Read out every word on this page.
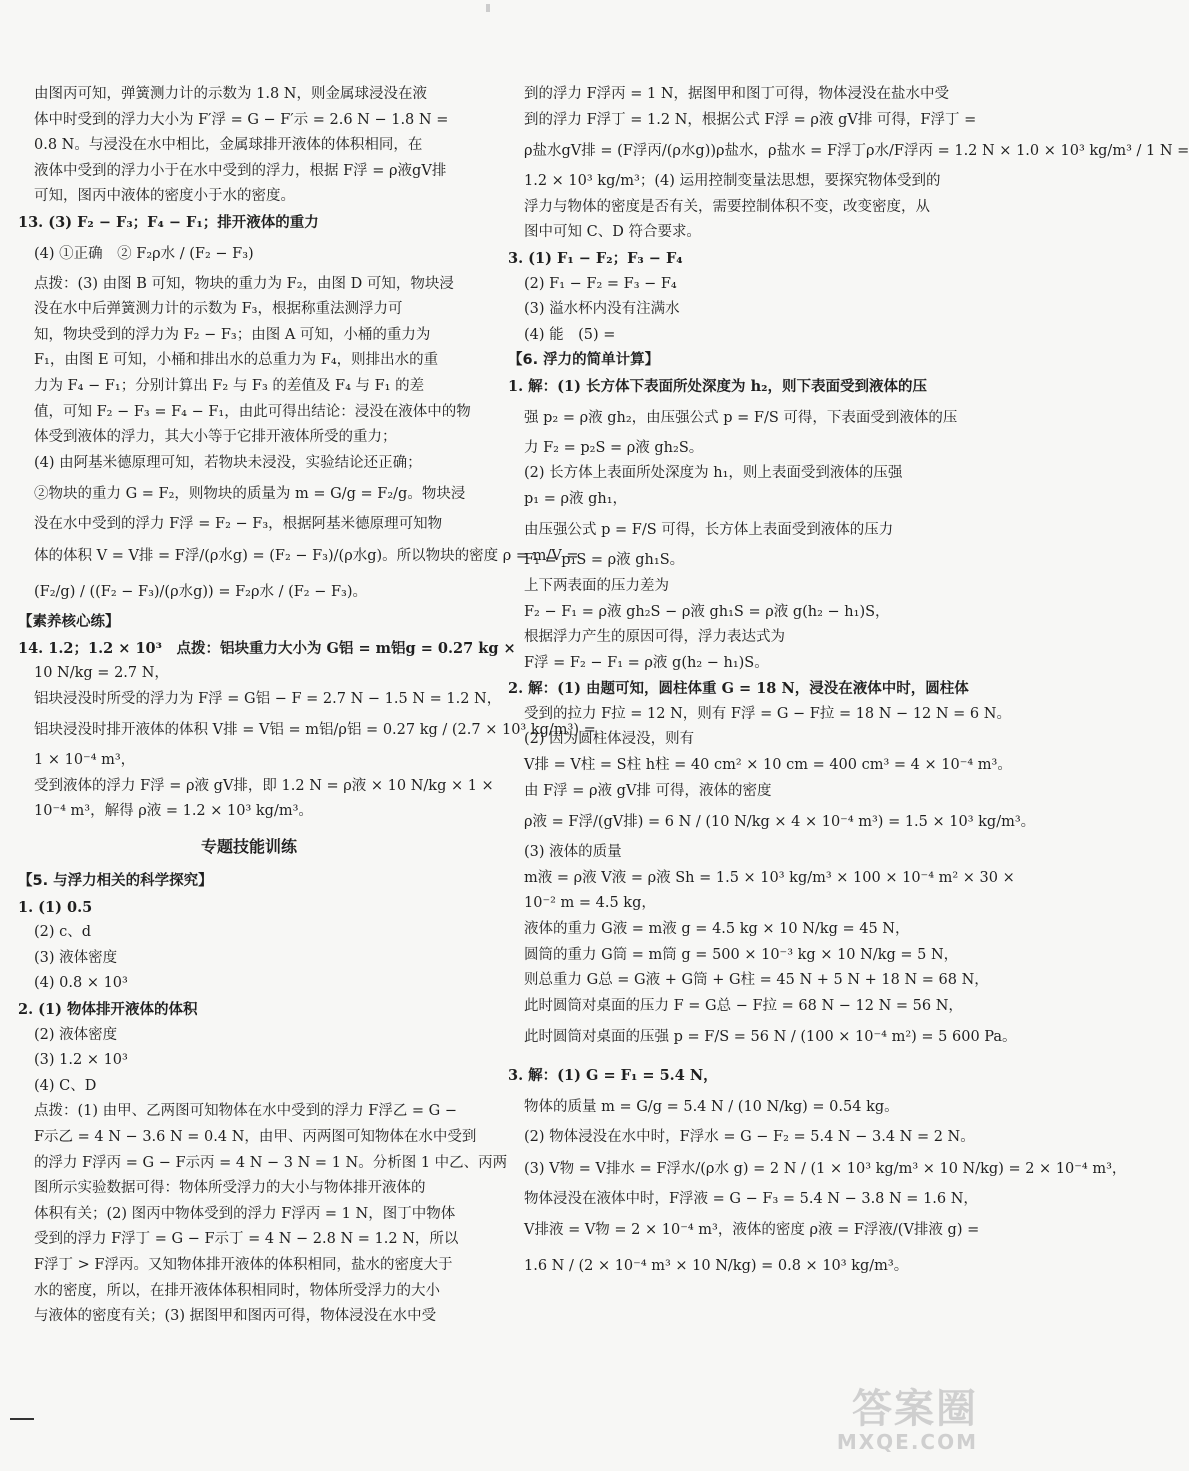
由图丙可知，弹簧测力计的示数为 1.8 N，则金属球浸没在液
体中时受到的浮力大小为 F′浮 = G − F′示 = 2.6 N − 1.8 N =
0.8 N。与浸没在水中相比，金属球排开液体的体积相同，在
液体中受到的浮力小于在水中受到的浮力，根据 F浮 = ρ液gV排
可知，图丙中液体的密度小于水的密度。
13. (3) F₂ − F₃；F₄ − F₁；排开液体的重力
(4) ①正确　② F₂ρ水 / (F₂ − F₃)
点拨：(3) 由图 B 可知，物块的重力为 F₂，由图 D 可知，物块浸
没在水中后弹簧测力计的示数为 F₃，根据称重法测浮力可
知，物块受到的浮力为 F₂ − F₃；由图 A 可知，小桶的重力为
F₁，由图 E 可知，小桶和排出水的总重力为 F₄，则排出水的重
力为 F₄ − F₁；分别计算出 F₂ 与 F₃ 的差值及 F₄ 与 F₁ 的差
值，可知 F₂ − F₃ = F₄ − F₁，由此可得出结论：浸没在液体中的物
体受到液体的浮力，其大小等于它排开液体所受的重力；
(4) 由阿基米德原理可知，若物块未浸没，实验结论还正确；
②物块的重力 G = F₂，则物块的质量为 m = G/g = F₂/g。物块浸
没在水中受到的浮力 F浮 = F₂ − F₃，根据阿基米德原理可知物
体的体积 V = V排 = F浮/(ρ水g) = (F₂ − F₃)/(ρ水g)。所以物块的密度 ρ = m/V =
(F₂/g) / ((F₂ − F₃)/(ρ水g)) = F₂ρ水 / (F₂ − F₃)。
【素养核心练】
14. 1.2；1.2 × 10³　点拨：铝块重力大小为 G铝 = m铝g = 0.27 kg ×
10 N/kg = 2.7 N，
铝块浸没时所受的浮力为 F浮 = G铝 − F = 2.7 N − 1.5 N = 1.2 N，
铝块浸没时排开液体的体积 V排 = V铝 = m铝/ρ铝 = 0.27 kg / (2.7 × 10³ kg/m³) =
1 × 10⁻⁴ m³，
受到液体的浮力 F浮 = ρ液 gV排，即 1.2 N = ρ液 × 10 N/kg × 1 ×
10⁻⁴ m³，解得 ρ液 = 1.2 × 10³ kg/m³。
专题技能训练
【5. 与浮力相关的科学探究】
1. (1) 0.5
(2) c、d
(3) 液体密度
(4) 0.8 × 10³
2. (1) 物体排开液体的体积
(2) 液体密度
(3) 1.2 × 10³
(4) C、D
点拨：(1) 由甲、乙两图可知物体在水中受到的浮力 F浮乙 = G −
F示乙 = 4 N − 3.6 N = 0.4 N，由甲、丙两图可知物体在水中受到
的浮力 F浮丙 = G − F示丙 = 4 N − 3 N = 1 N。分析图 1 中乙、丙两
图所示实验数据可得：物体所受浮力的大小与物体排开液体的
体积有关；(2) 图丙中物体受到的浮力 F浮丙 = 1 N，图丁中物体
受到的浮力 F浮丁 = G − F示丁 = 4 N − 2.8 N = 1.2 N，所以
F浮丁 > F浮丙。又知物体排开液体的体积相同，盐水的密度大于
水的密度，所以，在排开液体体积相同时，物体所受浮力的大小
与液体的密度有关；(3) 据图甲和图丙可得，物体浸没在水中受
到的浮力 F浮丙 = 1 N，据图甲和图丁可得，物体浸没在盐水中受
到的浮力 F浮丁 = 1.2 N，根据公式 F浮 = ρ液 gV排 可得，F浮丁 =
ρ盐水gV排 = (F浮丙/(ρ水g))ρ盐水，ρ盐水 = F浮丁ρ水/F浮丙 = 1.2 N × 1.0 × 10³ kg/m³ / 1 N =
1.2 × 10³ kg/m³；(4) 运用控制变量法思想，要探究物体受到的
浮力与物体的密度是否有关，需要控制体积不变，改变密度，从
图中可知 C、D 符合要求。
3. (1) F₁ − F₂；F₃ − F₄
(2) F₁ − F₂ = F₃ − F₄
(3) 溢水杯内没有注满水
(4) 能　(5) =
【6. 浮力的简单计算】
1. 解：(1) 长方体下表面所处深度为 h₂，则下表面受到液体的压
强 p₂ = ρ液 gh₂，由压强公式 p = F/S 可得，下表面受到液体的压
力 F₂ = p₂S = ρ液 gh₂S。
(2) 长方体上表面所处深度为 h₁，则上表面受到液体的压强
p₁ = ρ液 gh₁，
由压强公式 p = F/S 可得，长方体上表面受到液体的压力
F₁ = p₁S = ρ液 gh₁S。
上下两表面的压力差为
F₂ − F₁ = ρ液 gh₂S − ρ液 gh₁S = ρ液 g(h₂ − h₁)S，
根据浮力产生的原因可得，浮力表达式为
F浮 = F₂ − F₁ = ρ液 g(h₂ − h₁)S。
2. 解：(1) 由题可知，圆柱体重 G = 18 N，浸没在液体中时，圆柱体
受到的拉力 F拉 = 12 N，则有 F浮 = G − F拉 = 18 N − 12 N = 6 N。
(2) 因为圆柱体浸没，则有
V排 = V柱 = S柱 h柱 = 40 cm² × 10 cm = 400 cm³ = 4 × 10⁻⁴ m³。
由 F浮 = ρ液 gV排 可得，液体的密度
ρ液 = F浮/(gV排) = 6 N / (10 N/kg × 4 × 10⁻⁴ m³) = 1.5 × 10³ kg/m³。
(3) 液体的质量
m液 = ρ液 V液 = ρ液 Sh = 1.5 × 10³ kg/m³ × 100 × 10⁻⁴ m² × 30 ×
10⁻² m = 4.5 kg，
液体的重力 G液 = m液 g = 4.5 kg × 10 N/kg = 45 N，
圆筒的重力 G筒 = m筒 g = 500 × 10⁻³ kg × 10 N/kg = 5 N，
则总重力 G总 = G液 + G筒 + G柱 = 45 N + 5 N + 18 N = 68 N，
此时圆筒对桌面的压力 F = G总 − F拉 = 68 N − 12 N = 56 N，
此时圆筒对桌面的压强 p = F/S = 56 N / (100 × 10⁻⁴ m²) = 5 600 Pa。
3. 解：(1) G = F₁ = 5.4 N，
物体的质量 m = G/g = 5.4 N / (10 N/kg) = 0.54 kg。
(2) 物体浸没在水中时，F浮水 = G − F₂ = 5.4 N − 3.4 N = 2 N。
(3) V物 = V排水 = F浮水/(ρ水 g) = 2 N / (1 × 10³ kg/m³ × 10 N/kg) = 2 × 10⁻⁴ m³，
物体浸没在液体中时，F浮液 = G − F₃ = 5.4 N − 3.8 N = 1.6 N，
V排液 = V物 = 2 × 10⁻⁴ m³，液体的密度 ρ液 = F浮液/(V排液 g) =
1.6 N / (2 × 10⁻⁴ m³ × 10 N/kg) = 0.8 × 10³ kg/m³。
答案圈
MXQE.COM
